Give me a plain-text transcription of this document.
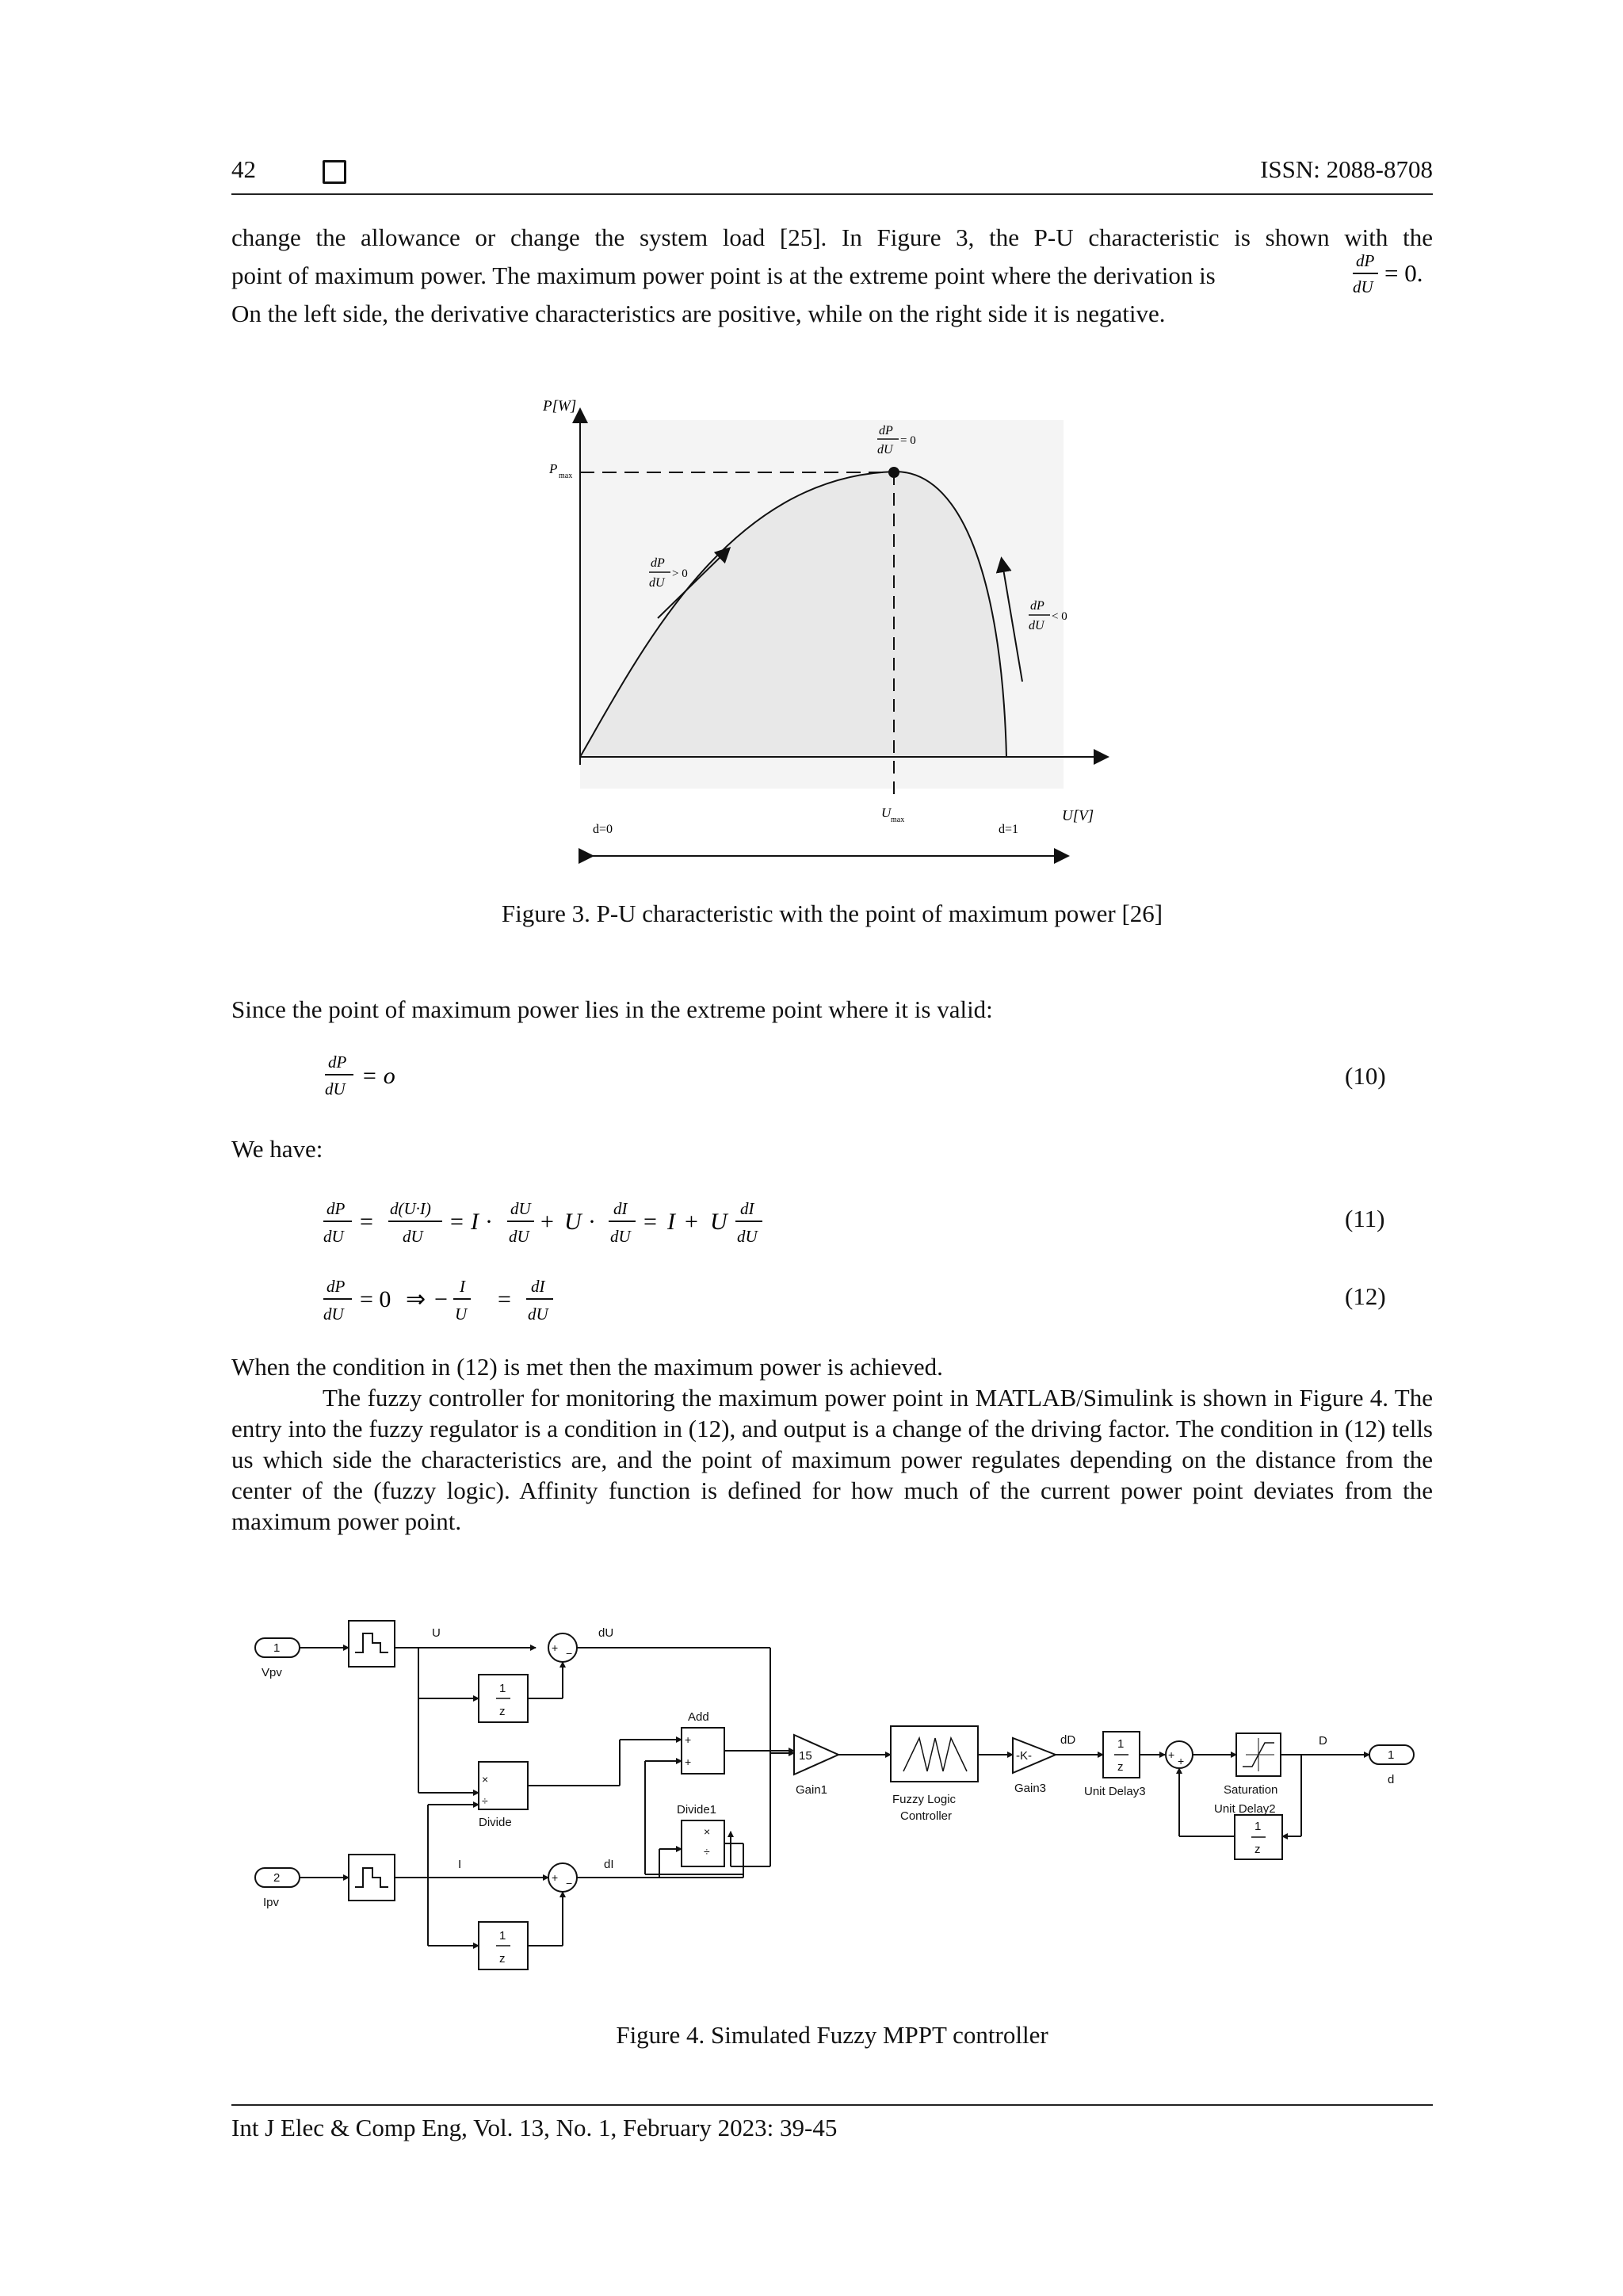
42	ISSN: 2088-8708
change the allowance or change the system load [25]. In Figure 3, the P-U characteristic is shown with the
point of maximum power. The maximum power point is at the extreme point where the derivation is
dP
dU = 0.
On the left side, the derivative characteristics are positive, while on the right side it is negative.
P[W]
U[V]
P max
U max
d=0	d=1
dP
dU
= 0
dP
dU
> 0
dP
dU
< 0
Figure 3. P-U characteristic with the point of maximum power [26]
Since the point of maximum power lies in the extreme point where it is valid:
dP
dU = o	(10)
We have:
dP
dU
d(U·I)
dU
dU
dU
dI
dU
dI
dU
=	= I · + U · = I + U	(11)
dP
dU
I
U
dI
dU
= 0 ⇒ − =	(12)
When the condition in (12) is met then the maximum power is achieved.
The fuzzy controller for monitoring the maximum power point in MATLAB/Simulink is shown in Figure 4. The entry into the fuzzy regulator is a condition in (12), and output is a change of the driving factor. The condition in (12) tells us which side the characteristics are, and the point of maximum power regulates depending on the distance from the center of the (fuzzy logic). Affinity function is defined for how much of the current power point deviates from the maximum power point.
1
z
1
z
1
z
1
z
1
Vpv
2
Ipv
1
d
U	dU
I	dI
dD	D
Add
Divide
Divide1
15
Gain1
Fuzzy Logic
Controller
-K-
Gain3	Unit Delay3	Saturation
Unit Delay2
+ −
+ −
+ +
+
+
×
÷
×
÷
Figure 4. Simulated Fuzzy MPPT controller
Int J Elec & Comp Eng, Vol. 13, No. 1, February 2023: 39-45
